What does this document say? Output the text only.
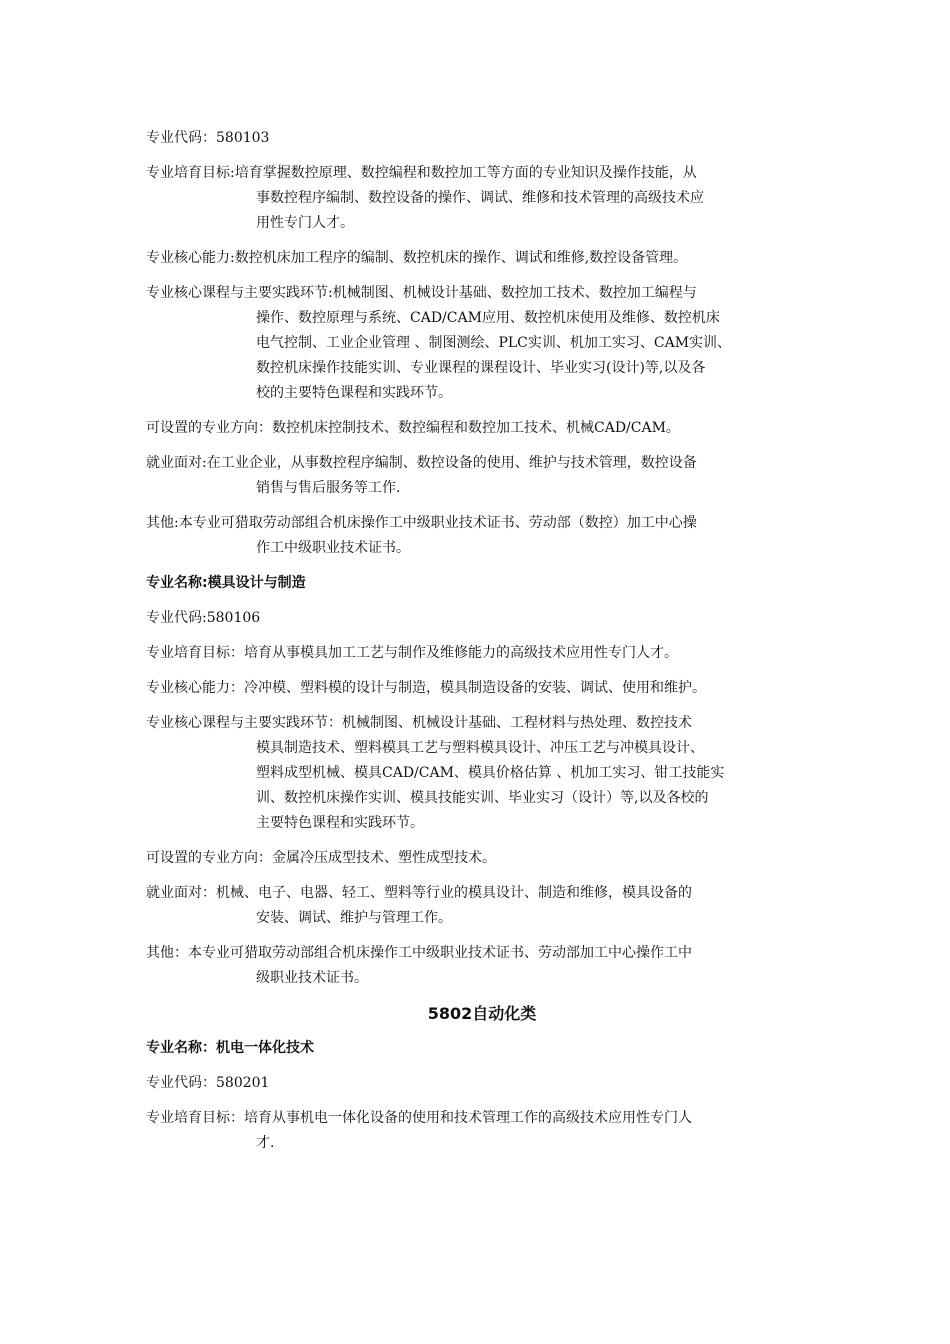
专业代码：580103

专业培育目标:培育掌握数控原理、数控编程和数控加工等方面的专业知识及操作技能，从
事数控程序编制、数控设备的操作、调试、维修和技术管理的高级技术应
用性专门人才。

专业核心能力:数控机床加工程序的编制、数控机床的操作、调试和维修,数控设备管理。

专业核心课程与主要实践环节:机械制图、机械设计基础、数控加工技术、数控加工编程与
操作、数控原理与系统、CAD/CAM应用、数控机床使用及维修、数控机床
电气控制、工业企业管理 、制图测绘、PLC实训、机加工实习、CAM实训、
数控机床操作技能实训、专业课程的课程设计、毕业实习(设计)等,以及各
校的主要特色课程和实践环节。

可设置的专业方向：数控机床控制技术、数控编程和数控加工技术、机械CAD/CAM。

就业面对:在工业企业，从事数控程序编制、数控设备的使用、维护与技术管理，数控设备
销售与售后服务等工作.

其他:本专业可猎取劳动部组合机床操作工中级职业技术证书、劳动部（数控）加工中心操
作工中级职业技术证书。

专业名称:模具设计与制造

专业代码:580106

专业培育目标：培育从事模具加工工艺与制作及维修能力的高级技术应用性专门人才。

专业核心能力：冷冲模、塑料模的设计与制造，模具制造设备的安装、调试、使用和维护。

专业核心课程与主要实践环节：机械制图、机械设计基础、工程材料与热处理、数控技术
模具制造技术、塑料模具工艺与塑料模具设计、冲压工艺与冲模具设计、
塑料成型机械、模具CAD/CAM、模具价格估算 、机加工实习、钳工技能实
训、数控机床操作实训、模具技能实训、毕业实习（设计）等,以及各校的
主要特色课程和实践环节。

可设置的专业方向：金属冷压成型技术、塑性成型技术。

就业面对：机械、电子、电器、轻工、塑料等行业的模具设计、制造和维修，模具设备的
安装、调试、维护与管理工作。

其他：本专业可猎取劳动部组合机床操作工中级职业技术证书、劳动部加工中心操作工中
级职业技术证书。

5802自动化类

专业名称：机电一体化技术

专业代码：580201

专业培育目标：培育从事机电一体化设备的使用和技术管理工作的高级技术应用性专门人
才.
